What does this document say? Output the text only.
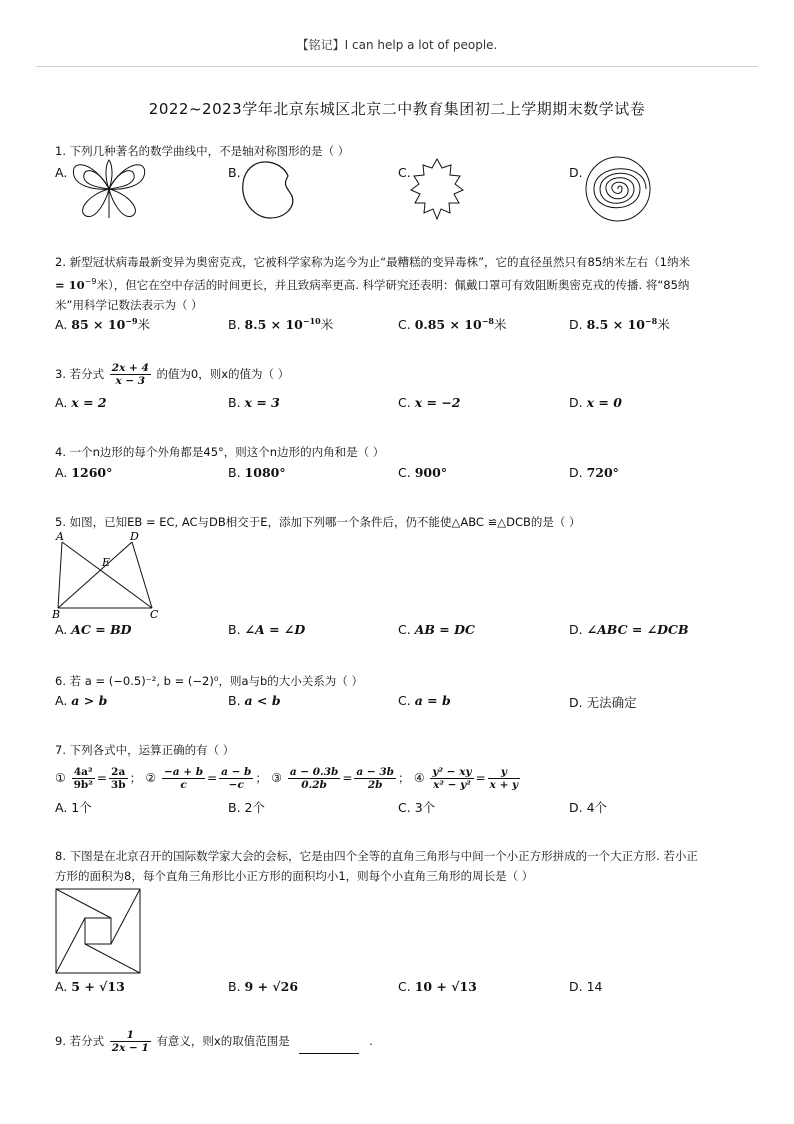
【铭记】I can help a lot of people.
2022~2023学年北京东城区北京二中教育集团初二上学期期末数学试卷

1. 下列几种著名的数学曲线中，不是轴对称图形的是（ ）

A.	B.	C.	D.

2. 新型冠状病毒最新变异为奥密克戎，它被科学家称为迄今为止“最糟糕的变异毒株”，它的直径虽然只有85纳米左右（1纳米

= $10^{-9}$米），但它在空中存活的时间更长，并且致病率更高. 科学研究还表明：佩戴口罩可有效阻断奥密克戎的传播. 将“85纳

米”用科学记数法表示为（ ）

A. $85 \times 10^{-9}$米	B. $8.5 \times 10^{-10}$米	C. $0.85 \times 10^{-8}$米	D. $8.5 \times 10^{-8}$米
3. 若分式 $\frac{2x + 4}{x - 3}$ 的值为0，则x的值为（ ）
A. x = 2	B. x = 3	C. x = −2	D. x = 0

4. 一个n边形的每个外角都是45°，则这个n边形的内角和是（ ）

A. 1260°	B. 1080°	C. 900°	D. 720°

5. 如图，已知EB = EC, AC与DB相交于E，添加下列哪一个条件后，仍不能使△ABC ≌△DCB的是（ ）

A	D
E
B	C
A. AC = BD	B. ∠A = ∠D	C. AB = DC	D. ∠ABC = ∠DCB

6. 若 a = (−0.5)⁻², b = (−2)⁰，则a与b的大小关系为（ ）

A. a > b	B. a < b	C. a = b	D. 无法确定

7. 下列各式中，运算正确的有（ ）

① $\frac{\text{4a²}}{\text{9b²}} = \frac{2a}{3b}$ ； ② $\frac{-a + b}{c} = \frac{a - b}{-c}$ ； ③ $\frac{a - 0.3b}{0.2b} = \frac{a - 3b}{2b}$ ； ④ $\frac{\text{y² − xy}}{\text{x² − y²}} = \frac{y}{x + y}$
A. 1个	B. 2个	C. 3个	D. 4个

8. 下图是在北京召开的国际数学家大会的会标，它是由四个全等的直角三角形与中间一个小正方形拼成的一个大正方形. 若小正

方形的面积为8，每个直角三角形比小正方形的面积均小1，则每个小直角三角形的周长是（ ）

A. 5 + √13	B. 9 + √26	C. 10 + √13	D. 14
9. 若分式 $\frac{1}{2x - 1}$ 有意义，则x的取值范围是	.
